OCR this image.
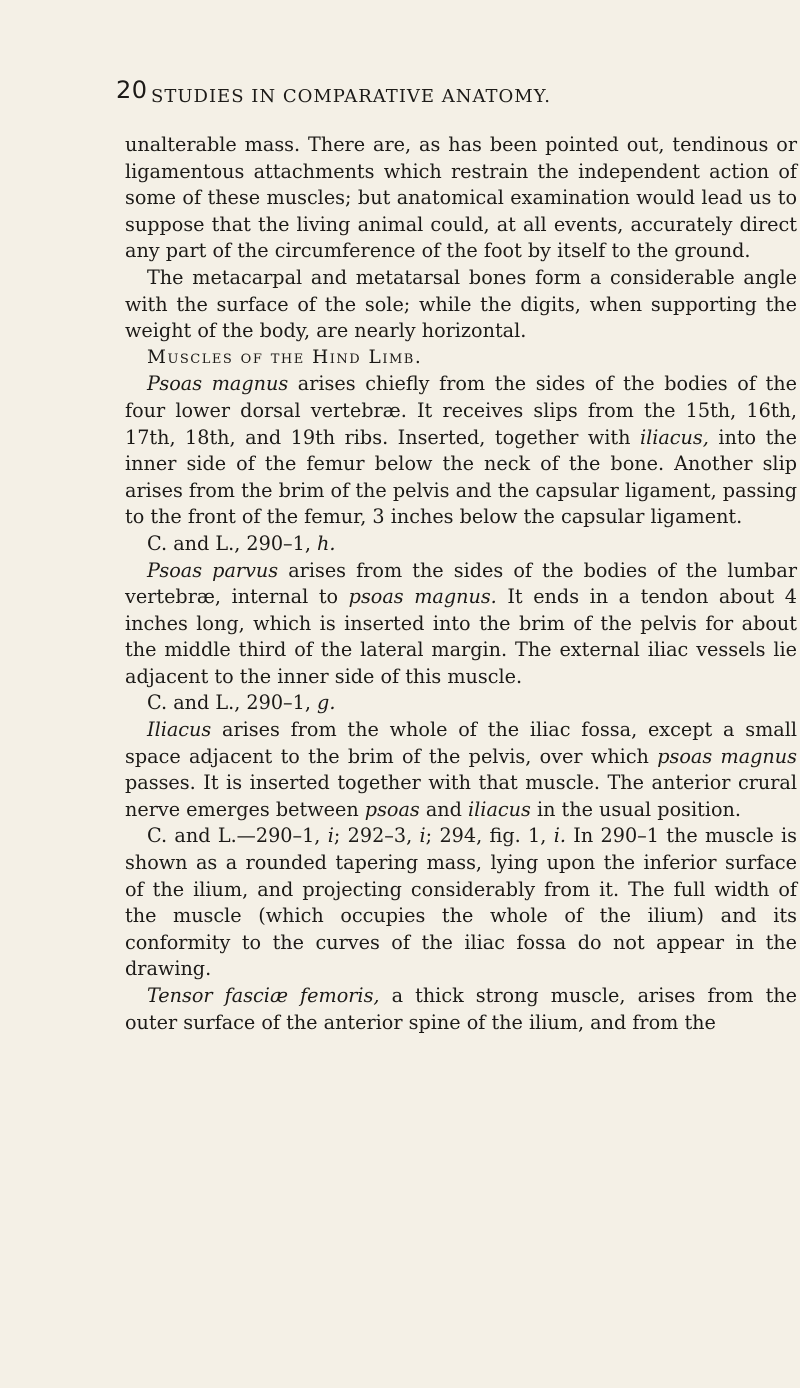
20 STUDIES IN COMPARATIVE ANATOMY.

unalterable mass. There are, as has been pointed out, tendinous or ligamentous attachments which restrain the independent action of some of these muscles; but anatomical examination would lead us to suppose that the living animal could, at all events, accurately direct any part of the circumference of the foot by itself to the ground.

The metacarpal and metatarsal bones form a considerable angle with the surface of the sole; while the digits, when supporting the weight of the body, are nearly horizontal.

Muscles of the Hind Limb.

Psoas magnus arises chiefly from the sides of the bodies of the four lower dorsal vertebræ. It receives slips from the 15th, 16th, 17th, 18th, and 19th ribs. Inserted, together with iliacus, into the inner side of the femur below the neck of the bone. Another slip arises from the brim of the pelvis and the capsular ligament, passing to the front of the femur, 3 inches below the capsular ligament.

C. and L., 290–1, h.

Psoas parvus arises from the sides of the bodies of the lumbar vertebræ, internal to psoas magnus. It ends in a tendon about 4 inches long, which is inserted into the brim of the pelvis for about the middle third of the lateral margin. The external iliac vessels lie adjacent to the inner side of this muscle.

C. and L., 290–1, g.

Iliacus arises from the whole of the iliac fossa, except a small space adjacent to the brim of the pelvis, over which psoas magnus passes. It is inserted together with that muscle. The anterior crural nerve emerges between psoas and iliacus in the usual position.

C. and L.—290–1, i; 292–3, i; 294, fig. 1, i. In 290–1 the muscle is shown as a rounded tapering mass, lying upon the inferior surface of the ilium, and projecting considerably from it. The full width of the muscle (which occupies the whole of the ilium) and its conformity to the curves of the iliac fossa do not appear in the drawing.

Tensor fasciæ femoris, a thick strong muscle, arises from the outer surface of the anterior spine of the ilium, and from the
